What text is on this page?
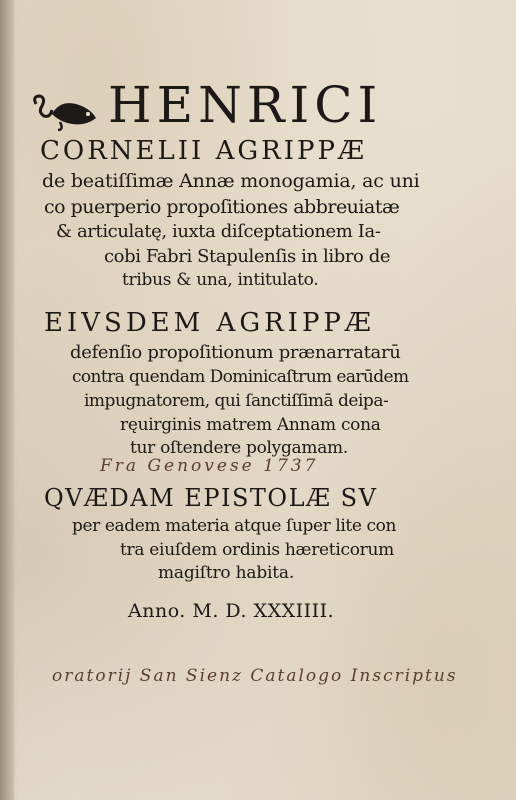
HENRICI
CORNELII AGRIPPÆ
de beatiſſimæ Annæ monogamia, ac uni
co puerperio propoſitiones abbreuiatæ
& articulatę, iuxta diſceptationem Ia-
cobi Fabri Stapulenſis in libro de
tribus & una, intitulato.
EIVSDEM AGRIPPÆ
defenſio propoſitionum prænarratarū
contra quendam Dominicaſtrum earūdem
impugnatorem, qui ſanctiſſimā deipa-
ręuirginis matrem Annam cona
tur oſtendere polygamam.
Fra Genovese 1737
QVÆDAM EPISTOLÆ SV
per eadem materia atque ſuper lite con
tra eiuſdem ordinis hæreticorum
magiſtro habita.
Anno. M. D. XXXIIII.
oratorij San Sienz Catalogo Inscriptus
